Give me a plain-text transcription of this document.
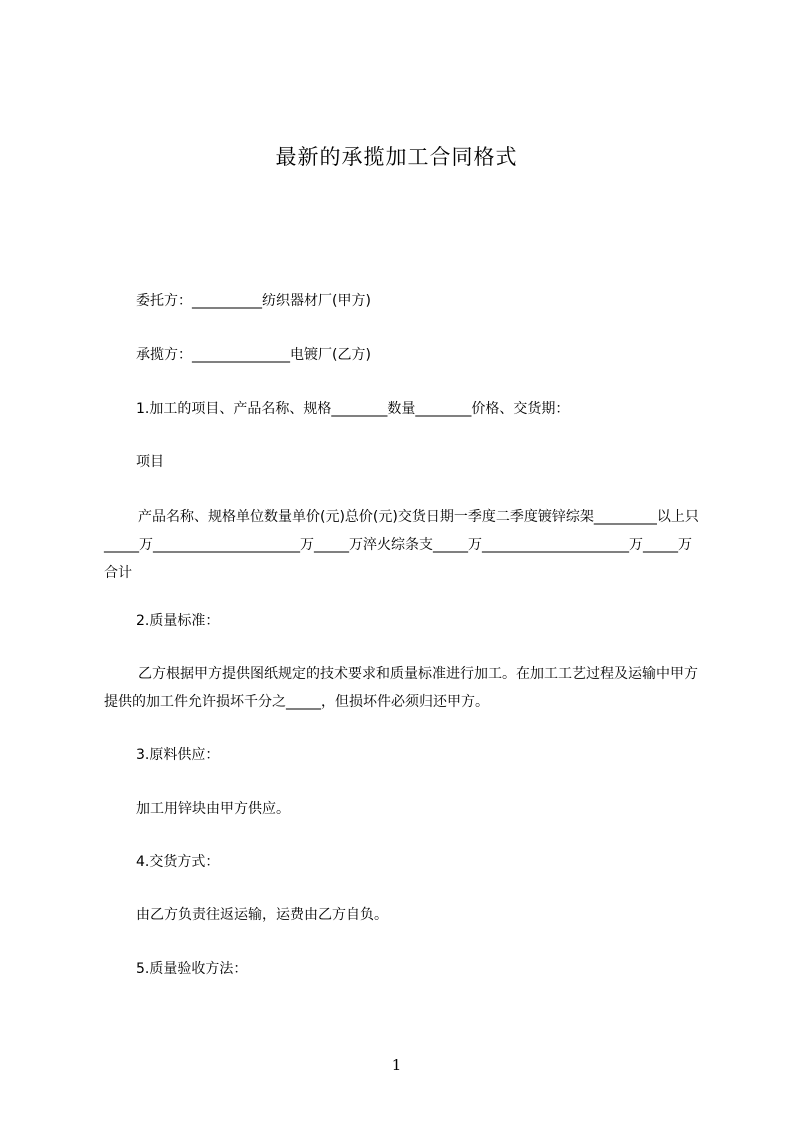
最新的承揽加工合同格式
委托方：__________纺织器材厂(甲方)
承揽方：______________电镀厂(乙方)
1.加工的项目、产品名称、规格________数量________价格、交货期：
项目
产品名称、规格单位数量单价(元)总价(元)交货日期一季度二季度镀锌综架_________以上只_____万_____________________万_____万淬火综条支_____万_____________________万_____万合计
2.质量标准：
乙方根据甲方提供图纸规定的技术要求和质量标准进行加工。在加工工艺过程及运输中甲方提供的加工件允许损坏千分之_____，但损坏件必须归还甲方。
3.原料供应：
加工用锌块由甲方供应。
4.交货方式：
由乙方负责往返运输，运费由乙方自负。
5.质量验收方法：
1
